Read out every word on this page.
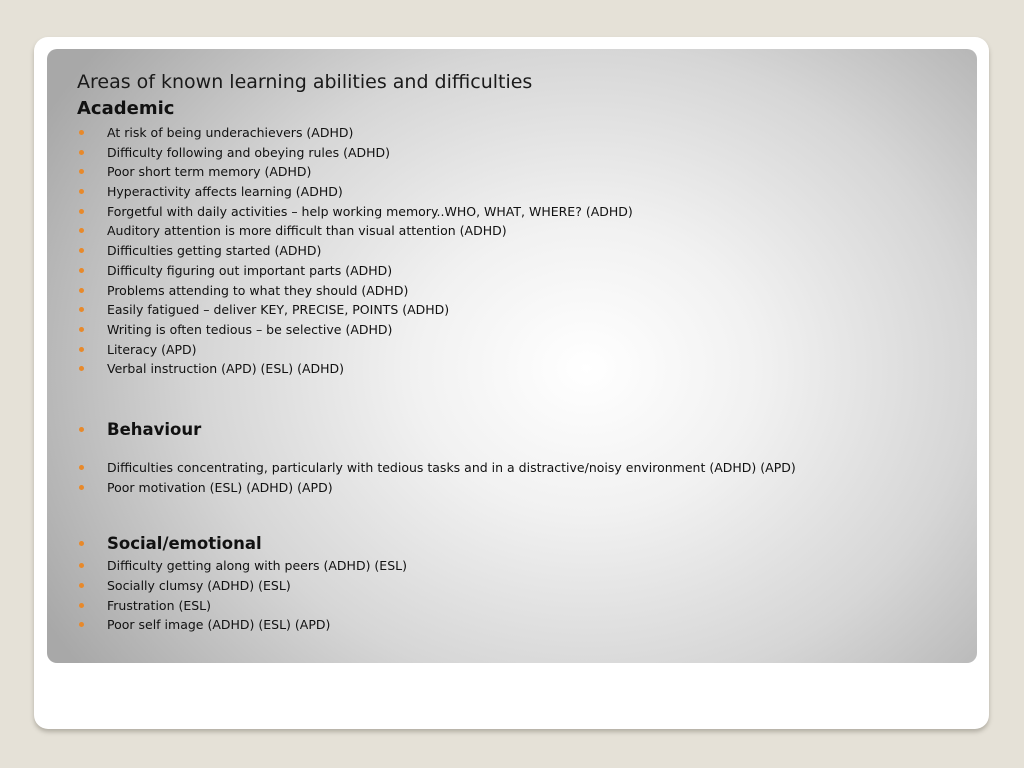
Areas of known learning abilities and difficulties
Academic
At risk of being underachievers (ADHD)
Difficulty following and obeying rules (ADHD)
Poor short term memory (ADHD)
Hyperactivity affects learning (ADHD)
Forgetful with daily activities – help working memory..WHO, WHAT, WHERE? (ADHD)
Auditory attention is more difficult than visual attention (ADHD)
Difficulties getting started (ADHD)
Difficulty figuring out important parts (ADHD)
Problems attending to what they should (ADHD)
Easily fatigued – deliver KEY, PRECISE, POINTS (ADHD)
Writing is often tedious – be selective (ADHD)
Literacy (APD)
Verbal instruction (APD) (ESL) (ADHD)
Behaviour
Difficulties concentrating, particularly with tedious tasks and in a distractive/noisy environment (ADHD) (APD)
Poor motivation (ESL) (ADHD) (APD)
Social/emotional
Difficulty getting along with peers (ADHD) (ESL)
Socially clumsy (ADHD) (ESL)
Frustration (ESL)
Poor self image (ADHD) (ESL) (APD)
